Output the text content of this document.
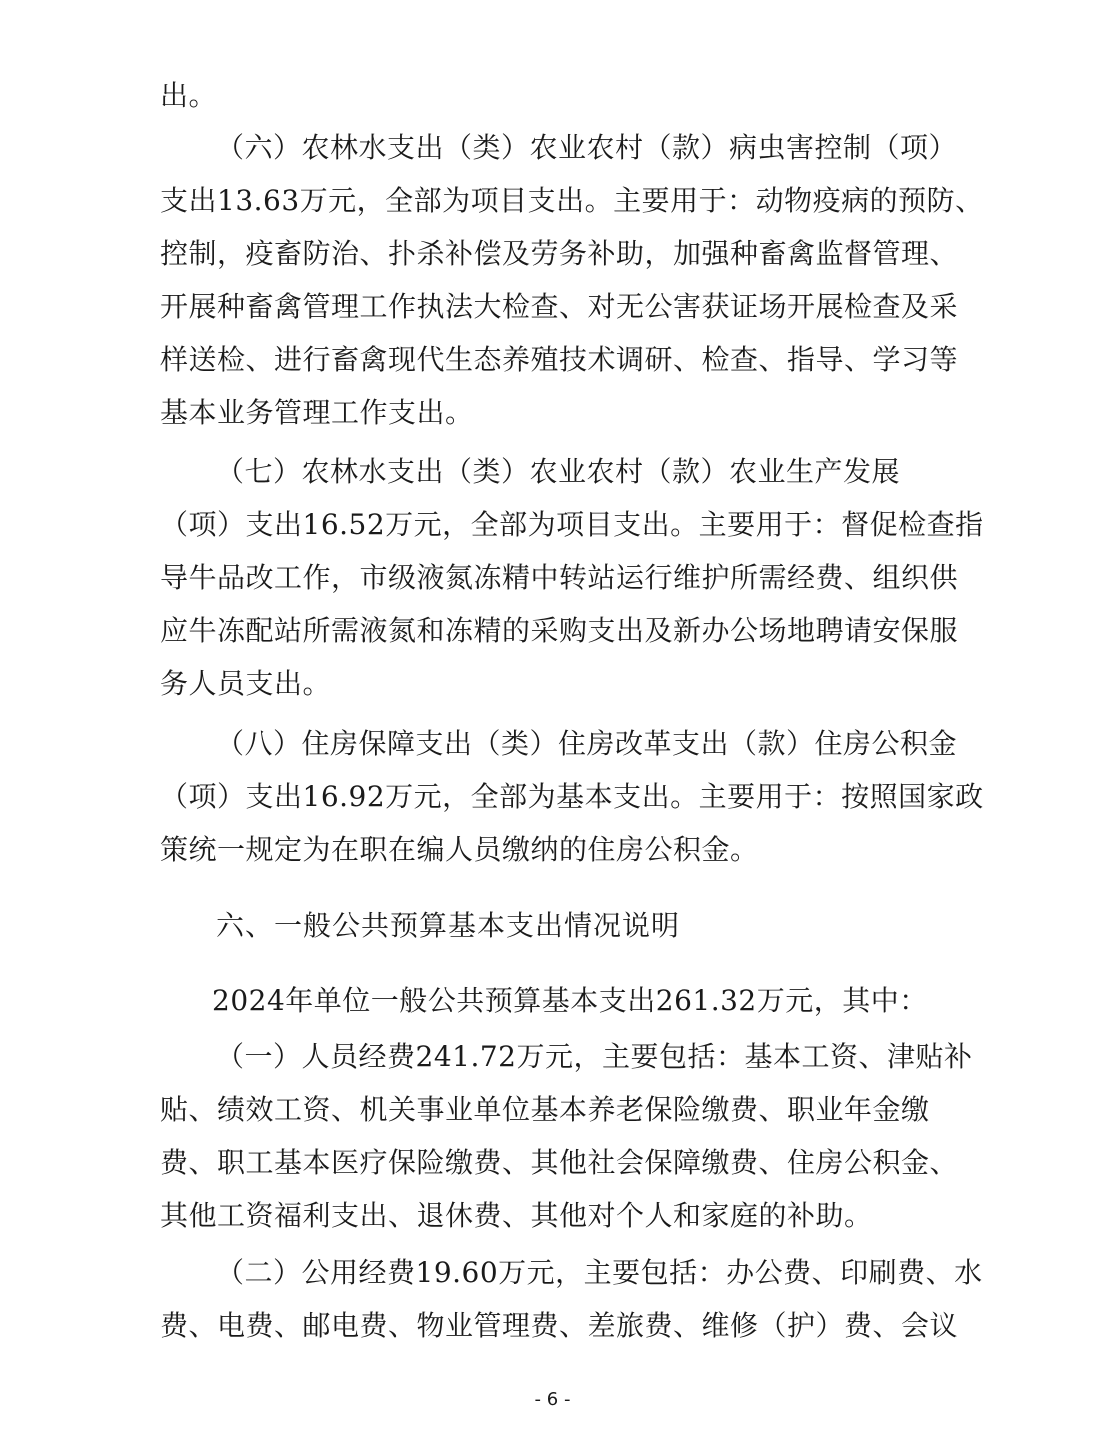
出。
（六）农林水支出（类）农业农村（款）病虫害控制（项）
支出13.63万元，全部为项目支出。主要用于：动物疫病的预防、
控制，疫畜防治、扑杀补偿及劳务补助，加强种畜禽监督管理、
开展种畜禽管理工作执法大检查、对无公害获证场开展检查及采
样送检、进行畜禽现代生态养殖技术调研、检查、指导、学习等
基本业务管理工作支出。
（七）农林水支出（类）农业农村（款）农业生产发展
（项）支出16.52万元，全部为项目支出。主要用于：督促检查指
导牛品改工作，市级液氮冻精中转站运行维护所需经费、组织供
应牛冻配站所需液氮和冻精的采购支出及新办公场地聘请安保服
务人员支出。
（八）住房保障支出（类）住房改革支出（款）住房公积金
（项）支出16.92万元，全部为基本支出。主要用于：按照国家政
策统一规定为在职在编人员缴纳的住房公积金。
六、一般公共预算基本支出情况说明
2024年单位一般公共预算基本支出261.32万元，其中：
（一）人员经费241.72万元，主要包括：基本工资、津贴补
贴、绩效工资、机关事业单位基本养老保险缴费、职业年金缴
费、职工基本医疗保险缴费、其他社会保障缴费、住房公积金、
其他工资福利支出、退休费、其他对个人和家庭的补助。
（二）公用经费19.60万元，主要包括：办公费、印刷费、水
费、电费、邮电费、物业管理费、差旅费、维修（护）费、会议
- 6 -
